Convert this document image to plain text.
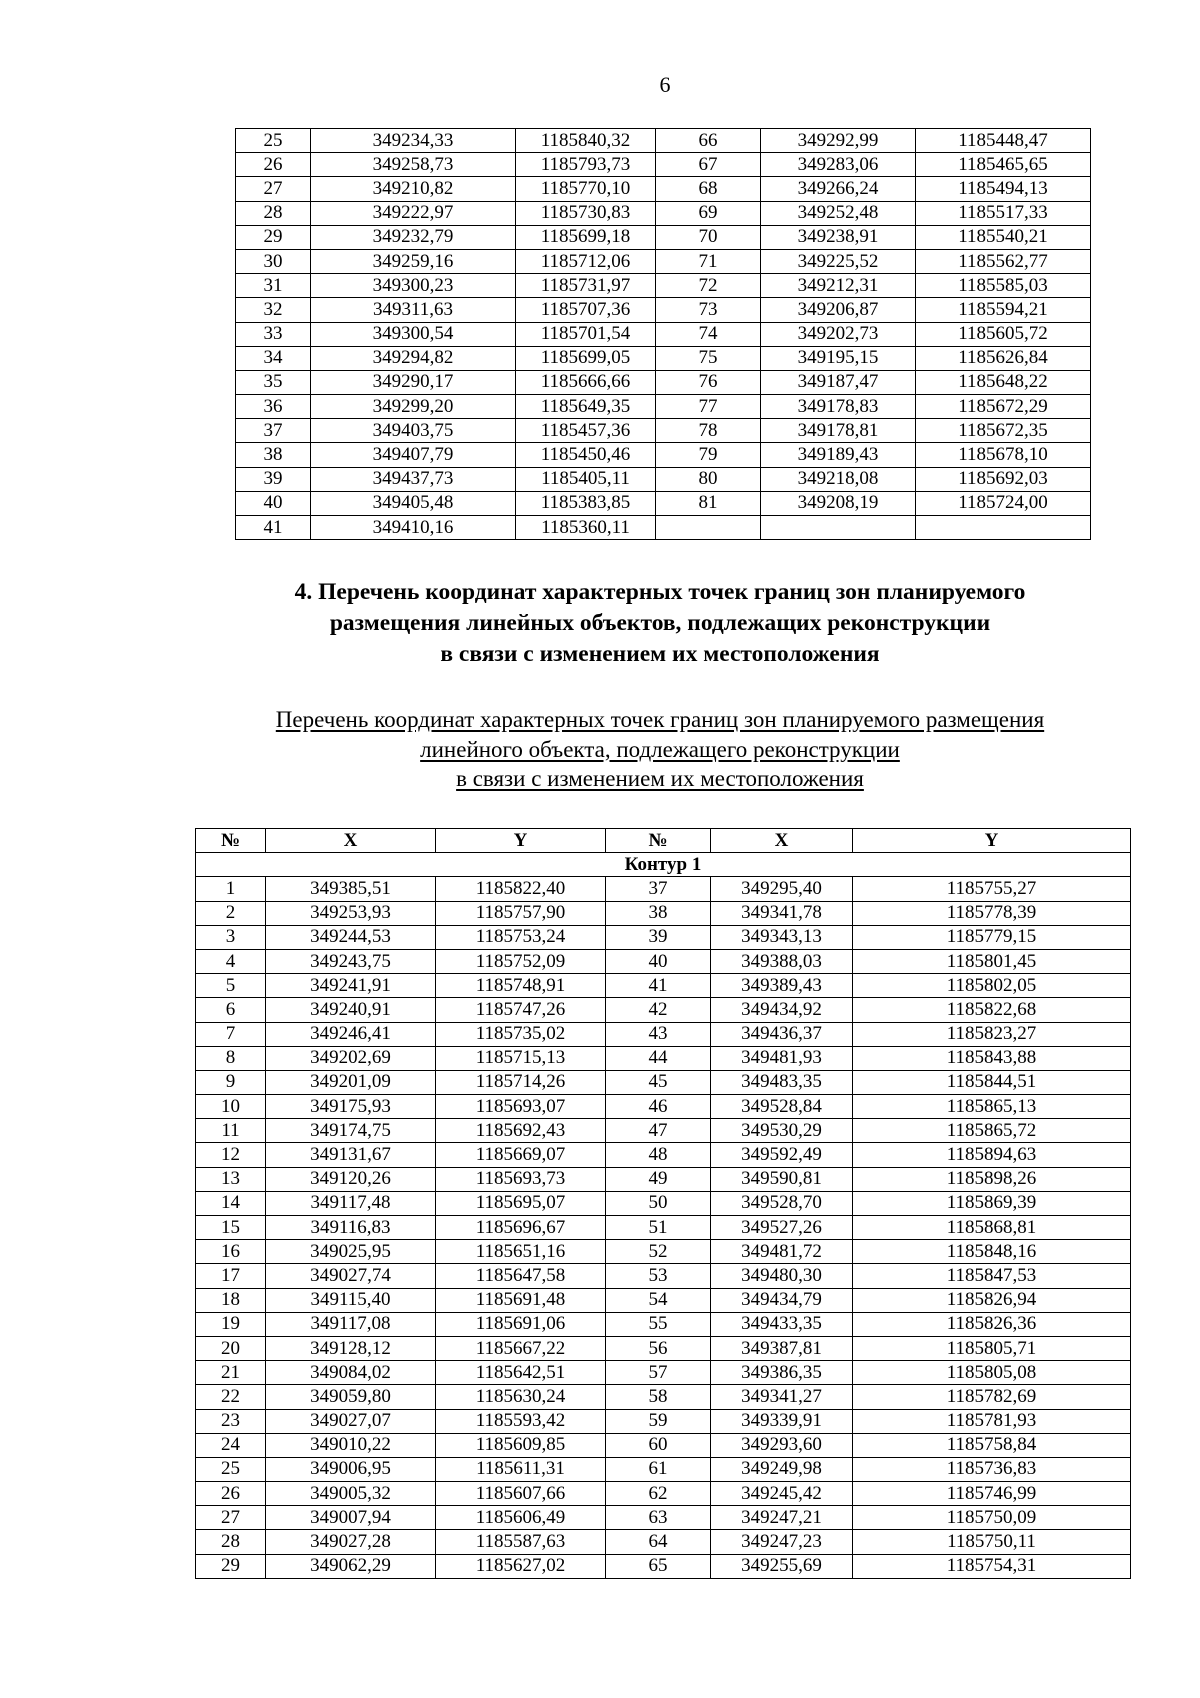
6
25	349234,33	1185840,32	66	349292,99	1185448,47
26	349258,73	1185793,73	67	349283,06	1185465,65
27	349210,82	1185770,10	68	349266,24	1185494,13
28	349222,97	1185730,83	69	349252,48	1185517,33
29	349232,79	1185699,18	70	349238,91	1185540,21
30	349259,16	1185712,06	71	349225,52	1185562,77
31	349300,23	1185731,97	72	349212,31	1185585,03
32	349311,63	1185707,36	73	349206,87	1185594,21
33	349300,54	1185701,54	74	349202,73	1185605,72
34	349294,82	1185699,05	75	349195,15	1185626,84
35	349290,17	1185666,66	76	349187,47	1185648,22
36	349299,20	1185649,35	77	349178,83	1185672,29
37	349403,75	1185457,36	78	349178,81	1185672,35
38	349407,79	1185450,46	79	349189,43	1185678,10
39	349437,73	1185405,11	80	349218,08	1185692,03
40	349405,48	1185383,85	81	349208,19	1185724,00
41	349410,16	1185360,11			
4. Перечень координат характерных точек границ зон планируемого
размещения линейных объектов, подлежащих реконструкции
в связи с изменением их местоположения
Перечень координат характерных точек границ зон планируемого размещения
линейного объекта, подлежащего реконструкции
в связи с изменением их местоположения
№	X	Y	№	X	Y
Контур 1					
1	349385,51	1185822,40	37	349295,40	1185755,27
2	349253,93	1185757,90	38	349341,78	1185778,39
3	349244,53	1185753,24	39	349343,13	1185779,15
4	349243,75	1185752,09	40	349388,03	1185801,45
5	349241,91	1185748,91	41	349389,43	1185802,05
6	349240,91	1185747,26	42	349434,92	1185822,68
7	349246,41	1185735,02	43	349436,37	1185823,27
8	349202,69	1185715,13	44	349481,93	1185843,88
9	349201,09	1185714,26	45	349483,35	1185844,51
10	349175,93	1185693,07	46	349528,84	1185865,13
11	349174,75	1185692,43	47	349530,29	1185865,72
12	349131,67	1185669,07	48	349592,49	1185894,63
13	349120,26	1185693,73	49	349590,81	1185898,26
14	349117,48	1185695,07	50	349528,70	1185869,39
15	349116,83	1185696,67	51	349527,26	1185868,81
16	349025,95	1185651,16	52	349481,72	1185848,16
17	349027,74	1185647,58	53	349480,30	1185847,53
18	349115,40	1185691,48	54	349434,79	1185826,94
19	349117,08	1185691,06	55	349433,35	1185826,36
20	349128,12	1185667,22	56	349387,81	1185805,71
21	349084,02	1185642,51	57	349386,35	1185805,08
22	349059,80	1185630,24	58	349341,27	1185782,69
23	349027,07	1185593,42	59	349339,91	1185781,93
24	349010,22	1185609,85	60	349293,60	1185758,84
25	349006,95	1185611,31	61	349249,98	1185736,83
26	349005,32	1185607,66	62	349245,42	1185746,99
27	349007,94	1185606,49	63	349247,21	1185750,09
28	349027,28	1185587,63	64	349247,23	1185750,11
29	349062,29	1185627,02	65	349255,69	1185754,31
